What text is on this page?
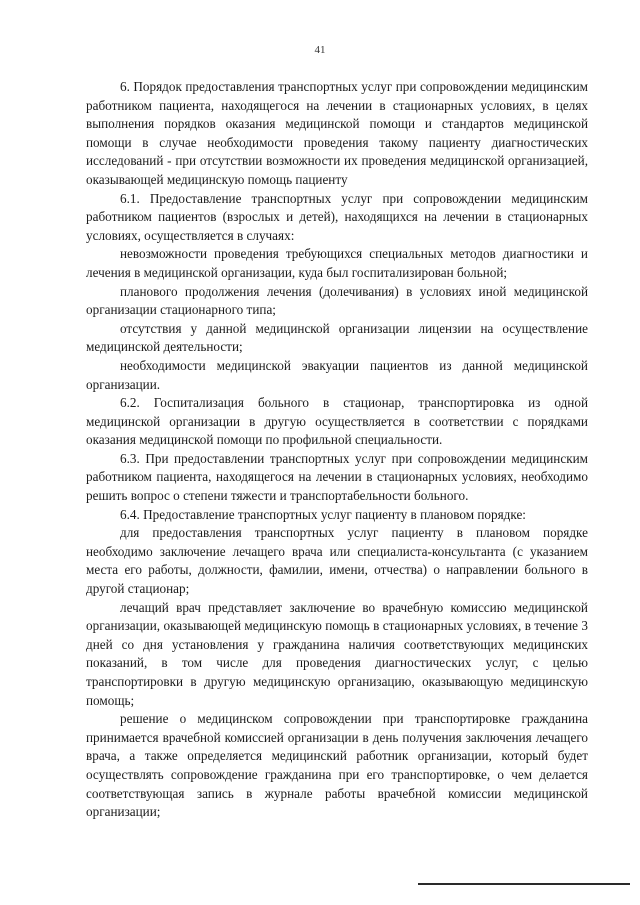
41

6. Порядок предоставления транспортных услуг при сопровождении медицинским работником пациента, находящегося на лечении в стационарных условиях, в целях выполнения порядков оказания медицинской помощи и стандартов медицинской помощи в случае необходимости проведения такому пациенту диагностических исследований - при отсутствии возможности их проведения медицинской организацией, оказывающей медицинскую помощь пациенту

6.1. Предоставление транспортных услуг при сопровождении медицинским работником пациентов (взрослых и детей), находящихся на лечении в стационарных условиях, осуществляется в случаях:

невозможности проведения требующихся специальных методов диагностики и лечения в медицинской организации, куда был госпитализирован больной;

планового продолжения лечения (долечивания) в условиях иной медицинской организации стационарного типа;

отсутствия у данной медицинской организации лицензии на осуществление медицинской деятельности;

необходимости медицинской эвакуации пациентов из данной медицинской организации.

6.2. Госпитализация больного в стационар, транспортировка из одной медицинской организации в другую осуществляется в соответствии с порядками оказания медицинской помощи по профильной специальности.

6.3. При предоставлении транспортных услуг при сопровождении медицинским работником пациента, находящегося на лечении в стационарных условиях, необходимо решить вопрос о степени тяжести и транспортабельности больного.

6.4. Предоставление транспортных услуг пациенту в плановом порядке:

для предоставления транспортных услуг пациенту в плановом порядке необходимо заключение лечащего врача или специалиста-консультанта (с указанием места его работы, должности, фамилии, имени, отчества) о направлении больного в другой стационар;

лечащий врач представляет заключение во врачебную комиссию медицинской организации, оказывающей медицинскую помощь в стационарных условиях, в течение 3 дней со дня установления у гражданина наличия соответствующих медицинских показаний, в том числе для проведения диагностических услуг, с целью транспортировки в другую медицинскую организацию, оказывающую медицинскую помощь;

решение о медицинском сопровождении при транспортировке гражданина принимается врачебной комиссией организации в день получения заключения лечащего врача, а также определяется медицинский работник организации, который будет осуществлять сопровождение гражданина при его транспортировке, о чем делается соответствующая запись в журнале работы врачебной комиссии медицинской организации;
